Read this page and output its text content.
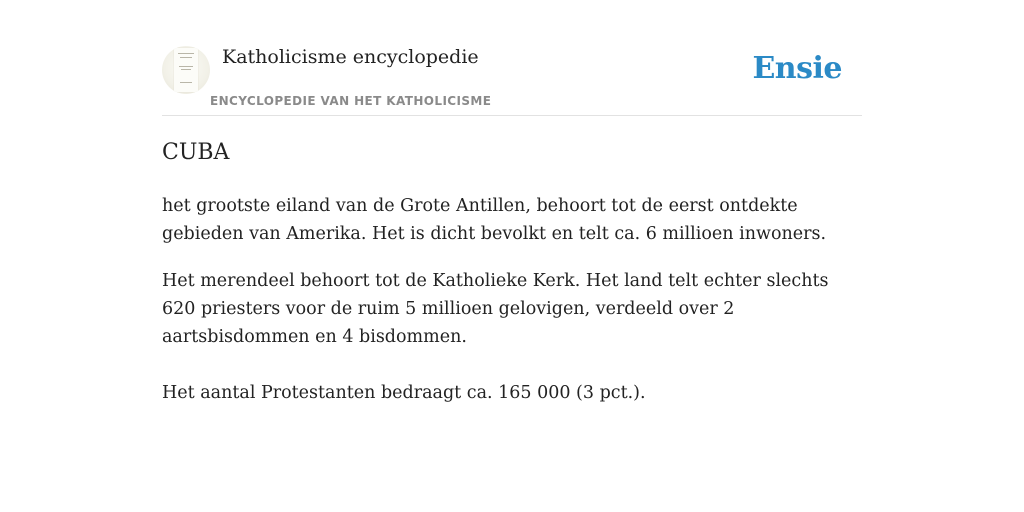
Katholicisme encyclopedie
ENCYCLOPEDIE VAN HET KATHOLICISME
Ensie
CUBA

het grootste eiland van de Grote Antillen, behoort tot de eerst ontdekte gebieden van Amerika. Het is dicht bevolkt en telt ca. 6 millioen inwoners.

Het merendeel behoort tot de Katholieke Kerk. Het land telt echter slechts 620 priesters voor de ruim 5 millioen gelovigen, verdeeld over 2 aartsbisdommen en 4 bisdommen.

Het aantal Protestanten bedraagt ca. 165 000 (3 pct.).
